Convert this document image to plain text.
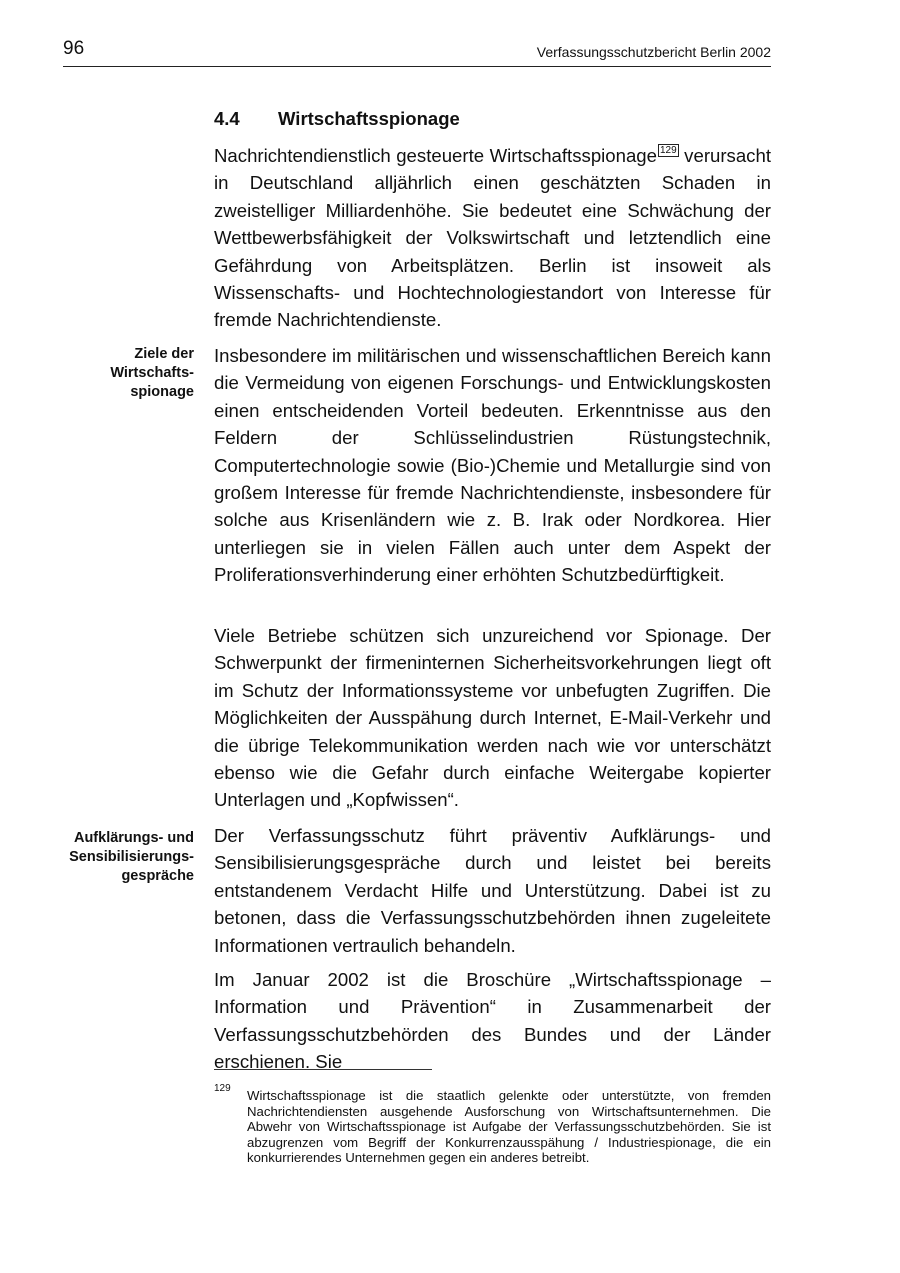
96	Verfassungsschutzbericht Berlin 2002
4.4 Wirtschaftsspionage

Nachrichtendienstlich gesteuerte Wirtschaftsspionage 129 verursacht in Deutschland alljährlich einen geschätzten Schaden in zweistelliger Milliardenhöhe. Sie bedeutet eine Schwächung der Wettbewerbsfähigkeit der Volkswirtschaft und letztendlich eine Gefährdung von Arbeitsplätzen. Berlin ist insoweit als Wissenschafts- und Hochtechnologiestandort von Interesse für fremde Nachrichtendienste.

Ziele der
Wirtschafts-
spionage

Insbesondere im militärischen und wissenschaftlichen Bereich kann die Vermeidung von eigenen Forschungs- und Entwicklungskosten einen entscheidenden Vorteil bedeuten. Erkenntnisse aus den Feldern der Schlüsselindustrien Rüstungstechnik, Computertechnologie sowie (Bio-)Chemie und Metallurgie sind von großem Interesse für fremde Nachrichtendienste, insbesondere für solche aus Krisenländern wie z. B. Irak oder Nordkorea. Hier unterliegen sie in vielen Fällen auch unter dem Aspekt der Proliferationsverhinderung einer erhöhten Schutzbedürftigkeit.

Viele Betriebe schützen sich unzureichend vor Spionage. Der Schwerpunkt der firmeninternen Sicherheitsvorkehrungen liegt oft im Schutz der Informationssysteme vor unbefugten Zugriffen. Die Möglichkeiten der Ausspähung durch Internet, E-Mail-Verkehr und die übrige Telekommunikation werden nach wie vor unterschätzt ebenso wie die Gefahr durch einfache Weitergabe kopierter Unterlagen und „Kopfwissen“.

Aufklärungs- und
Sensibilisierungs-
gespräche

Der Verfassungsschutz führt präventiv Aufklärungs- und Sensibilisierungsgespräche durch und leistet bei bereits entstandenem Verdacht Hilfe und Unterstützung. Dabei ist zu betonen, dass die Verfassungsschutzbehörden ihnen zugeleitete Informationen vertraulich behandeln.

Im Januar 2002 ist die Broschüre „Wirtschaftsspionage – Information und Prävention“ in Zusammenarbeit der Verfassungsschutzbehörden des Bundes und der Länder erschienen. Sie

129 Wirtschaftsspionage ist die staatlich gelenkte oder unterstützte, von fremden Nachrichtendiensten ausgehende Ausforschung von Wirtschaftsunternehmen. Die Abwehr von Wirtschaftsspionage ist Aufgabe der Verfassungsschutzbehörden. Sie ist abzugrenzen vom Begriff der Konkurrenzausspähung / Industriespionage, die ein konkurrierendes Unternehmen gegen ein anderes betreibt.
